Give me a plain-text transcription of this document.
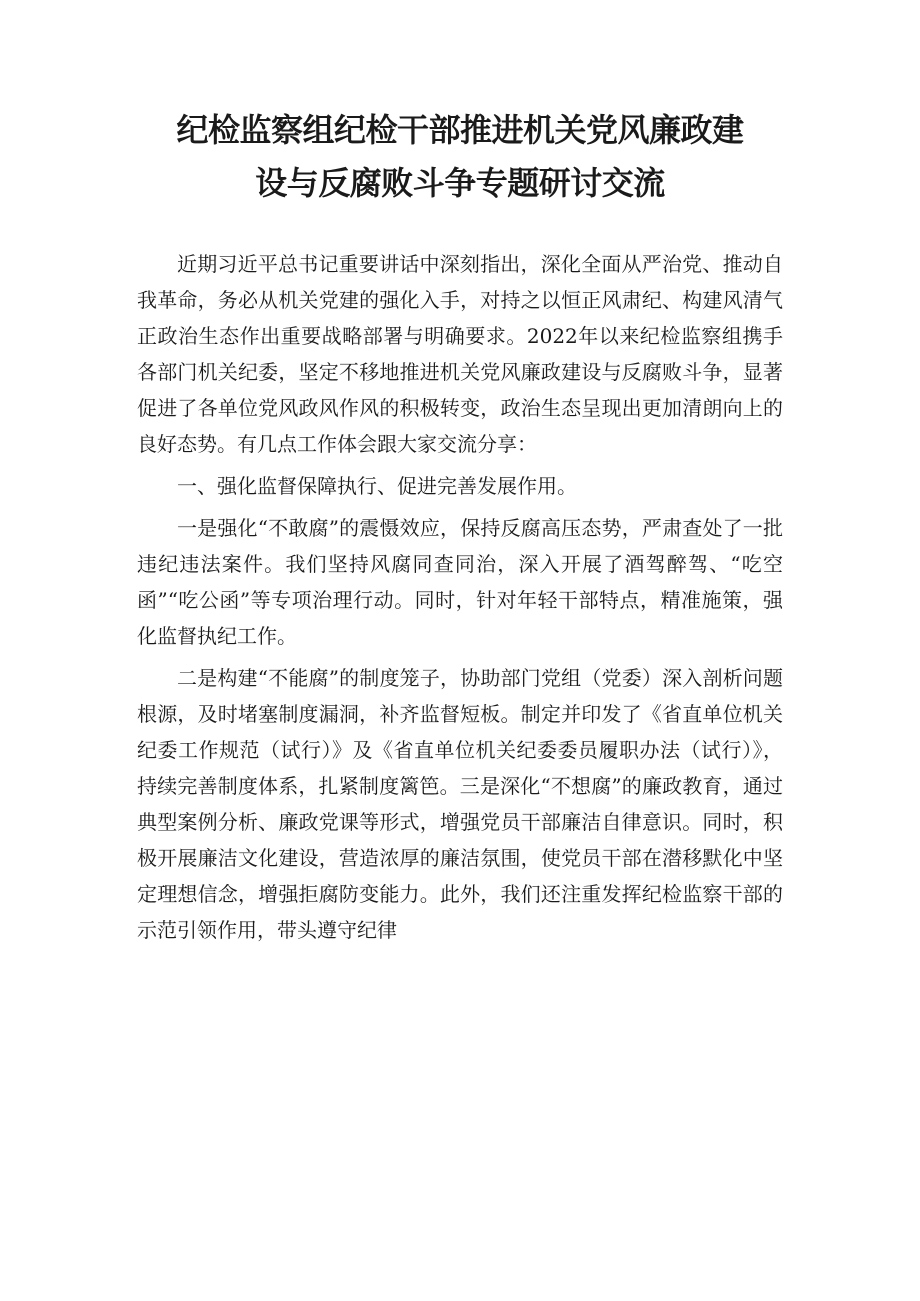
纪检监察组纪检干部推进机关党风廉政建
设与反腐败斗争专题研讨交流

近期习近平总书记重要讲话中深刻指出，深化全面从严治党、推动自我革命，务必从机关党建的强化入手，对持之以恒正风肃纪、构建风清气正政治生态作出重要战略部署与明确要求。2022年以来纪检监察组携手各部门机关纪委，坚定不移地推进机关党风廉政建设与反腐败斗争，显著促进了各单位党风政风作风的积极转变，政治生态呈现出更加清朗向上的良好态势。有几点工作体会跟大家交流分享：

一、强化监督保障执行、促进完善发展作用。

一是强化“不敢腐”的震慑效应，保持反腐高压态势，严肃查处了一批违纪违法案件。我们坚持风腐同查同治，深入开展了酒驾醉驾、“吃空函”“吃公函”等专项治理行动。同时，针对年轻干部特点，精准施策，强化监督执纪工作。

二是构建“不能腐”的制度笼子，协助部门党组（党委）深入剖析问题根源，及时堵塞制度漏洞，补齐监督短板。制定并印发了《省直单位机关纪委工作规范（试行）》及《省直单位机关纪委委员履职办法（试行）》，持续完善制度体系，扎紧制度篱笆。三是深化“不想腐”的廉政教育，通过典型案例分析、廉政党课等形式，增强党员干部廉洁自律意识。同时，积极开展廉洁文化建设，营造浓厚的廉洁氛围，使党员干部在潜移默化中坚定理想信念，增强拒腐防变能力。此外，我们还注重发挥纪检监察干部的示范引领作用，带头遵守纪律
